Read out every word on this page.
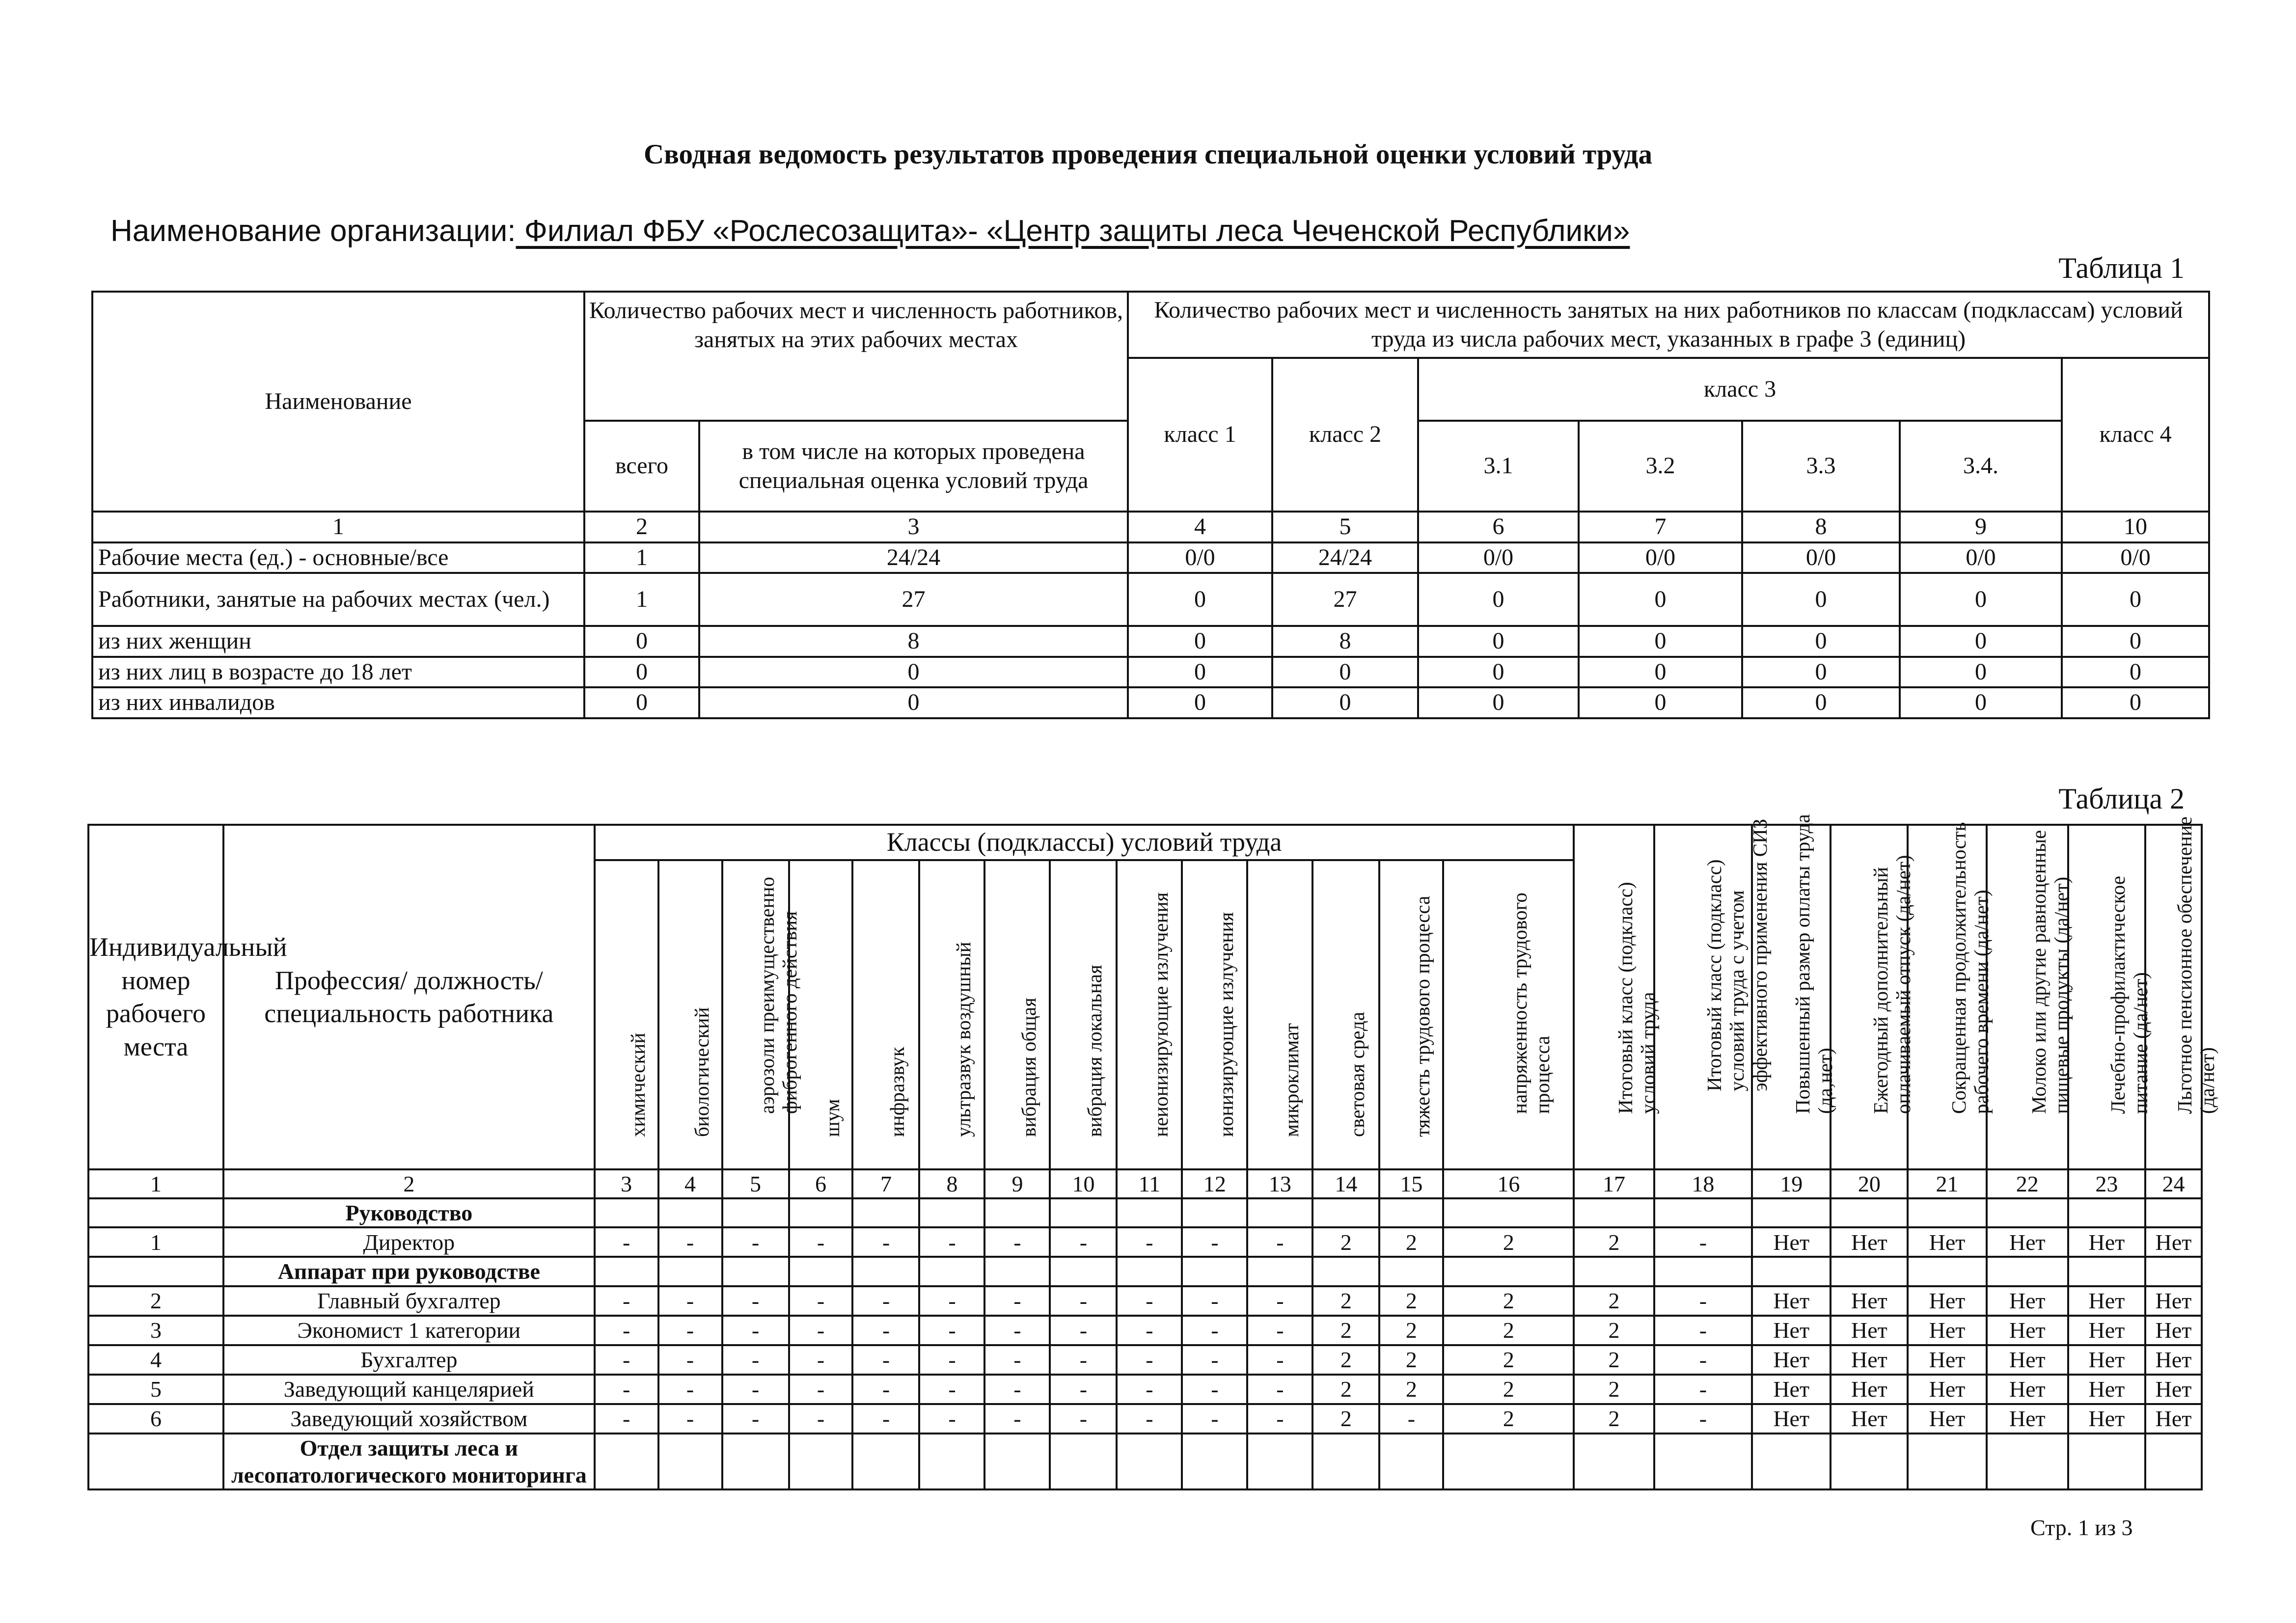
Сводная ведомость результатов проведения специальной оценки условий труда
Наименование организации: Филиал ФБУ «Рослесозащита»- «Центр защиты леса Чеченской Республики»
Таблица 1
Наименование	Количество рабочих мест и численность работников, занятых на этих рабочих местах		Количество рабочих мест и численность занятых на них работников по классам (подклассам) условий труда из числа рабочих мест, указанных в графе 3 (единиц)						
			класс 1	класс 2	класс 3				класс 4
	всего	в том числе на которых проведена специальная оценка условий труда			3.1	3.2	3.3	3.4.	
1	2	3	4	5	6	7	8	9	10
Рабочие места (ед.) - основные/все	1	24/24	0/0	24/24	0/0	0/0	0/0	0/0	0/0
Работники, занятые на рабочих местах (чел.)	1	27	0	27	0	0	0	0	0
из них женщин	0	8	0	8	0	0	0	0	0
из них лиц в возрасте до 18 лет	0	0	0	0	0	0	0	0	0
из них инвалидов	0	0	0	0	0	0	0	0	0
Таблица 2
Индивидуальный номер рабочего места	Профессия/ должность/ специальность работника	Классы (подклассы) условий труда														Итоговый класс (подкласс) условий труда	Итоговый класс (подкласс) условий труда с учетом эффективного применения СИЗ	Повышенный размер оплаты труда (да,нет)	Ежегодный дополнительный оплачиваемый отпуск (да/нет)	Сокращенная продолжительность рабочего времени (да/нет)	Молоко или другие равноценные пищевые продукты (да/нет)	Лечебно-профилактическое питание (да/нет)	Льготное пенсионное обеспечение (да/нет)

		химический	биологический	аэрозоли преимущественно фиброгенного действия	шум	инфразвук	ультразвук воздушный	вибрация общая	вибрация локальная	неионизирующие излучения	ионизирующие излучения	микроклимат	световая среда	тяжесть трудового процесса	напряженность трудового процесса								

1	2	3	4	5	6	7	8	9	10	11	12	13	14	15	16	17	18	19	20	21	22	23	24
	Руководство																						
1	Директор	-	-	-	-	-	-	-	-	-	-	-	2	2	2	2	-	Нет	Нет	Нет	Нет	Нет	Нет
	Аппарат при руководстве																						
2	Главный бухгалтер	-	-	-	-	-	-	-	-	-	-	-	2	2	2	2	-	Нет	Нет	Нет	Нет	Нет	Нет
3	Экономист 1 категории	-	-	-	-	-	-	-	-	-	-	-	2	2	2	2	-	Нет	Нет	Нет	Нет	Нет	Нет
4	Бухгалтер	-	-	-	-	-	-	-	-	-	-	-	2	2	2	2	-	Нет	Нет	Нет	Нет	Нет	Нет
5	Заведующий канцелярией	-	-	-	-	-	-	-	-	-	-	-	2	2	2	2	-	Нет	Нет	Нет	Нет	Нет	Нет
6	Заведующий хозяйством	-	-	-	-	-	-	-	-	-	-	-	2	-	2	2	-	Нет	Нет	Нет	Нет	Нет	Нет
	Отдел защиты леса и лесопатологического мониторинга																						
Стр. 1 из 3
